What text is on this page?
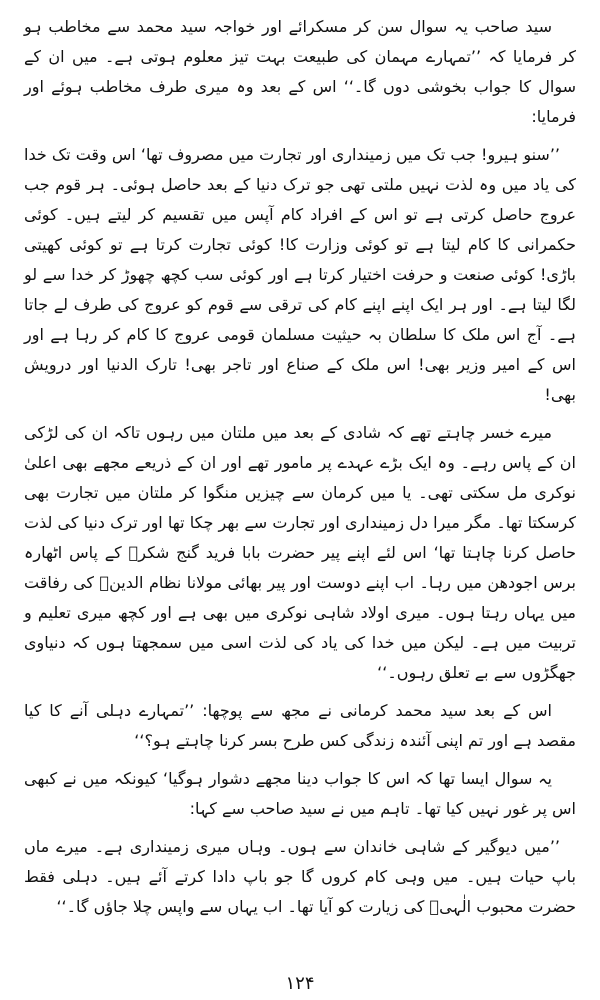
سید صاحب یہ سوال سن کر مسکرائے اور خواجہ سید محمد سے مخاطب ہو کر فرمایا کہ ’’تمہارے مہمان کی طبیعت بہت تیز معلوم ہوتی ہے۔ میں ان کے سوال کا جواب بخوشی دوں گا۔‘‘ اس کے بعد وہ میری طرف مخاطب ہوئے اور فرمایا:

’’سنو ہیرو! جب تک میں زمینداری اور تجارت میں مصروف تھا‘ اس وقت تک خدا کی یاد میں وہ لذت نہیں ملتی تھی جو ترک دنیا کے بعد حاصل ہوئی۔ ہر قوم جب عروج حاصل کرتی ہے تو اس کے افراد کام آپس میں تقسیم کر لیتے ہیں۔ کوئی حکمرانی کا کام لیتا ہے تو کوئی وزارت کا! کوئی تجارت کرتا ہے تو کوئی کھیتی باڑی! کوئی صنعت و حرفت اختیار کرتا ہے اور کوئی سب کچھ چھوڑ کر خدا سے لو لگا لیتا ہے۔ اور ہر ایک اپنے اپنے کام کی ترقی سے قوم کو عروج کی طرف لے جاتا ہے۔ آج اس ملک کا سلطان بہ حیثیت مسلمان قومی عروج کا کام کر رہا ہے اور اس کے امیر وزیر بھی! اس ملک کے صناع اور تاجر بھی! تارک الدنیا اور درویش بھی!

میرے خسر چاہتے تھے کہ شادی کے بعد میں ملتان میں رہوں تاکہ ان کی لڑکی ان کے پاس رہے۔ وہ ایک بڑے عہدے پر مامور تھے اور ان کے ذریعے مجھے بھی اعلیٰ نوکری مل سکتی تھی۔ یا میں کرمان سے چیزیں منگوا کر ملتان میں تجارت بھی کرسکتا تھا۔ مگر میرا دل زمینداری اور تجارت سے بھر چکا تھا اور ترک دنیا کی لذت حاصل کرنا چاہتا تھا‘ اس لئے اپنے پیر حضرت بابا فرید گنج شکرؒ کے پاس اٹھارہ برس اجودھن میں رہا۔ اب اپنے دوست اور پیر بھائی مولانا نظام الدینؒ کی رفاقت میں یہاں رہتا ہوں۔ میری اولاد شاہی نوکری میں بھی ہے اور کچھ میری تعلیم و تربیت میں ہے۔ لیکن میں خدا کی یاد کی لذت اسی میں سمجھتا ہوں کہ دنیاوی جھگڑوں سے بے تعلق رہوں۔‘‘

اس کے بعد سید محمد کرمانی نے مجھ سے پوچھا: ’’تمہارے دہلی آنے کا کیا مقصد ہے اور تم اپنی آئندہ زندگی کس طرح بسر کرنا چاہتے ہو؟‘‘

یہ سوال ایسا تھا کہ اس کا جواب دینا مجھے دشوار ہوگیا‘ کیونکہ میں نے کبھی اس پر غور نہیں کیا تھا۔ تاہم میں نے سید صاحب سے کہا:

’’میں دیوگیر کے شاہی خاندان سے ہوں۔ وہاں میری زمینداری ہے۔ میرے ماں باپ حیات ہیں۔ میں وہی کام کروں گا جو باپ دادا کرتے آئے ہیں۔ دہلی فقط حضرت محبوب الٰہیؒ کی زیارت کو آیا تھا۔ اب یہاں سے واپس چلا جاؤں گا۔‘‘

۱۲۴
